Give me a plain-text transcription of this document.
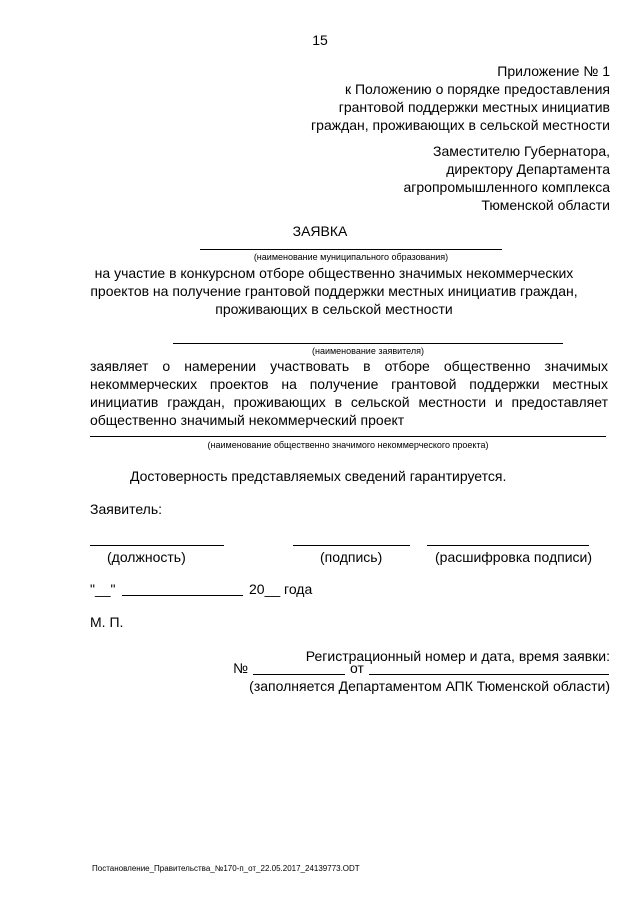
15
Приложение № 1
к Положению о порядке предоставления
грантовой поддержки местных инициатив
граждан, проживающих в сельской местности
Заместителю Губернатора,
директору Департамента
агропромышленного комплекса
Тюменской области
ЗАЯВКА
(наименование муниципального образования)
на участие в конкурсном отборе общественно значимых некоммерческих
проектов на получение грантовой поддержки местных инициатив граждан,
проживающих в сельской местности
(наименование заявителя)
заявляет о намерении участвовать в отборе общественно значимых
некоммерческих проектов на получение грантовой поддержки местных
инициатив граждан, проживающих в сельской местности и предоставляет
общественно значимый некоммерческий проект
(наименование общественно значимого некоммерческого проекта)
Достоверность представляемых сведений гарантируется.
Заявитель:
(должность)	(подпись)	(расшифровка подписи)
"__"	20__ года
М. П.
Регистрационный номер и дата, время заявки:
№	от
(заполняется Департаментом АПК Тюменской области)
Постановление_Правительства_№170-п_от_22.05.2017_24139773.ODT
